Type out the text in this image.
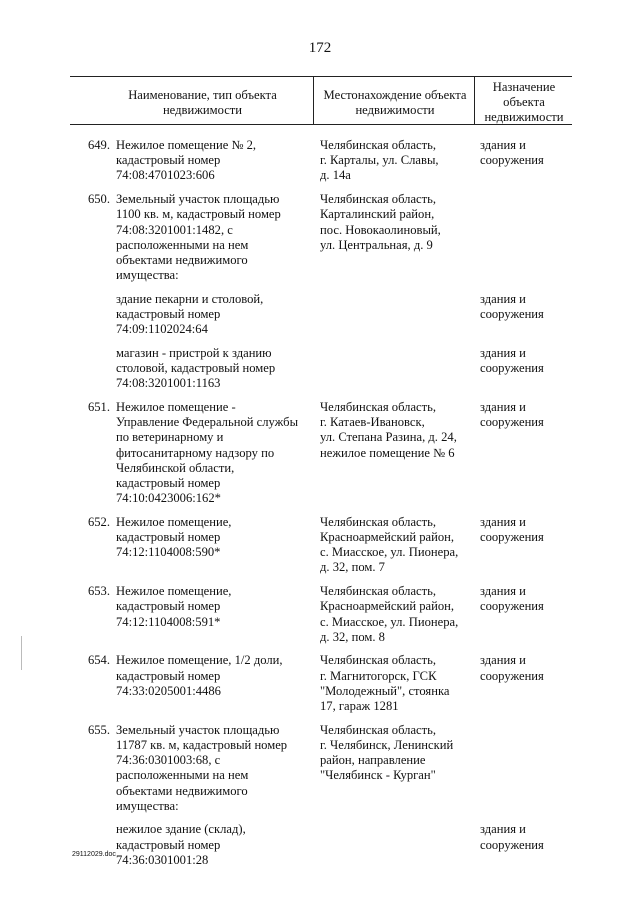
172
Наименование, тип объекта
недвижимости
Местонахождение объекта
недвижимости
Назначение
объекта
недвижимости
649. Нежилое помещение № 2,
кадастровый номер
74:08:4701023:606
Челябинская область,
г. Карталы, ул. Славы,
д. 14а
здания и
сооружения
650. Земельный участок площадью
1100 кв. м, кадастровый номер
74:08:3201001:1482, с
расположенными на нем
объектами недвижимого
имущества:
Челябинская область,
Карталинский район,
пос. Новокаолиновый,
ул. Центральная, д. 9
здание пекарни и столовой,
кадастровый номер
74:09:1102024:64
здания и
сооружения
магазин - пристрой к зданию
столовой, кадастровый номер
74:08:3201001:1163
здания и
сооружения
651. Нежилое помещение -
Управление Федеральной службы
по ветеринарному и
фитосанитарному надзору по
Челябинской области,
кадастровый номер
74:10:0423006:162*
Челябинская область,
г. Катаев-Ивановск,
ул. Степана Разина, д. 24,
нежилое помещение № 6
здания и
сооружения
652. Нежилое помещение,
кадастровый номер
74:12:1104008:590*
Челябинская область,
Красноармейский район,
с. Миасское, ул. Пионера,
д. 32, пом. 7
здания и
сооружения
653. Нежилое помещение,
кадастровый номер
74:12:1104008:591*
Челябинская область,
Красноармейский район,
с. Миасское, ул. Пионера,
д. 32, пом. 8
здания и
сооружения
654. Нежилое помещение, 1/2 доли,
кадастровый номер
74:33:0205001:4486
Челябинская область,
г. Магнитогорск, ГСК
"Молодежный", стоянка
17, гараж 1281
здания и
сооружения
655. Земельный участок площадью
11787 кв. м, кадастровый номер
74:36:0301003:68, с
расположенными на нем
объектами недвижимого
имущества:
Челябинская область,
г. Челябинск, Ленинский
район, направление
"Челябинск - Курган"
нежилое здание (склад),
кадастровый номер
74:36:0301001:28
здания и
сооружения
29112029.doc
